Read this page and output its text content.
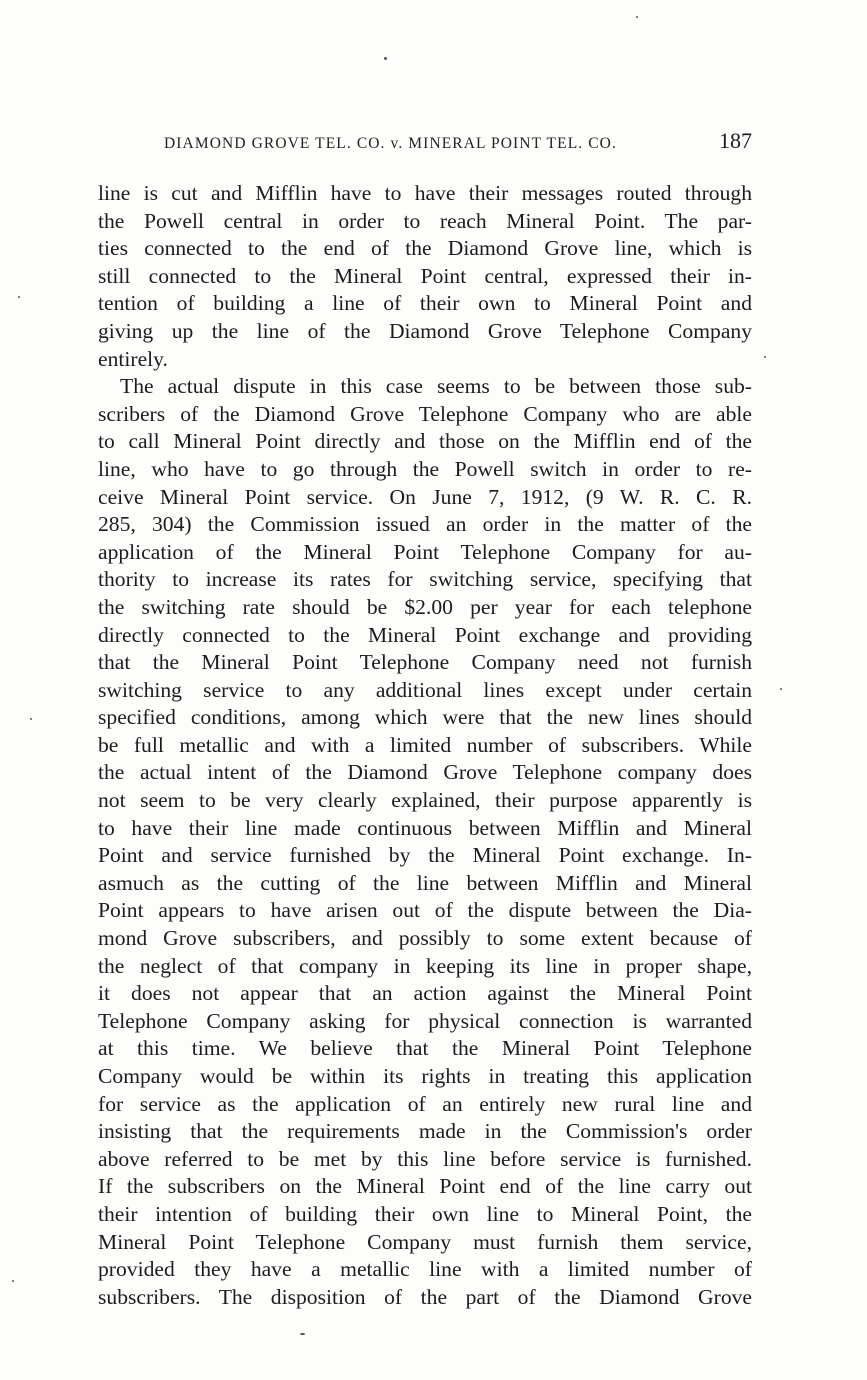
DIAMOND GROVE TEL. CO. v. MINERAL POINT TEL. CO.	187
line is cut and Mifflin have to have their messages routed through
the Powell central in order to reach Mineral Point. The par-
ties connected to the end of the Diamond Grove line, which is
still connected to the Mineral Point central, expressed their in-
tention of building a line of their own to Mineral Point and
giving up the line of the Diamond Grove Telephone Company
entirely.
The actual dispute in this case seems to be between those sub-
scribers of the Diamond Grove Telephone Company who are able
to call Mineral Point directly and those on the Mifflin end of the
line, who have to go through the Powell switch in order to re-
ceive Mineral Point service. On June 7, 1912, (9 W. R. C. R.
285, 304) the Commission issued an order in the matter of the
application of the Mineral Point Telephone Company for au-
thority to increase its rates for switching service, specifying that
the switching rate should be $2.00 per year for each telephone
directly connected to the Mineral Point exchange and providing
that the Mineral Point Telephone Company need not furnish
switching service to any additional lines except under certain
specified conditions, among which were that the new lines should
be full metallic and with a limited number of subscribers. While
the actual intent of the Diamond Grove Telephone company does
not seem to be very clearly explained, their purpose apparently is
to have their line made continuous between Mifflin and Mineral
Point and service furnished by the Mineral Point exchange. In-
asmuch as the cutting of the line between Mifflin and Mineral
Point appears to have arisen out of the dispute between the Dia-
mond Grove subscribers, and possibly to some extent because of
the neglect of that company in keeping its line in proper shape,
it does not appear that an action against the Mineral Point
Telephone Company asking for physical connection is warranted
at this time. We believe that the Mineral Point Telephone
Company would be within its rights in treating this application
for service as the application of an entirely new rural line and
insisting that the requirements made in the Commission's order
above referred to be met by this line before service is furnished.
If the subscribers on the Mineral Point end of the line carry out
their intention of building their own line to Mineral Point, the
Mineral Point Telephone Company must furnish them service,
provided they have a metallic line with a limited number of
subscribers. The disposition of the part of the Diamond Grove
